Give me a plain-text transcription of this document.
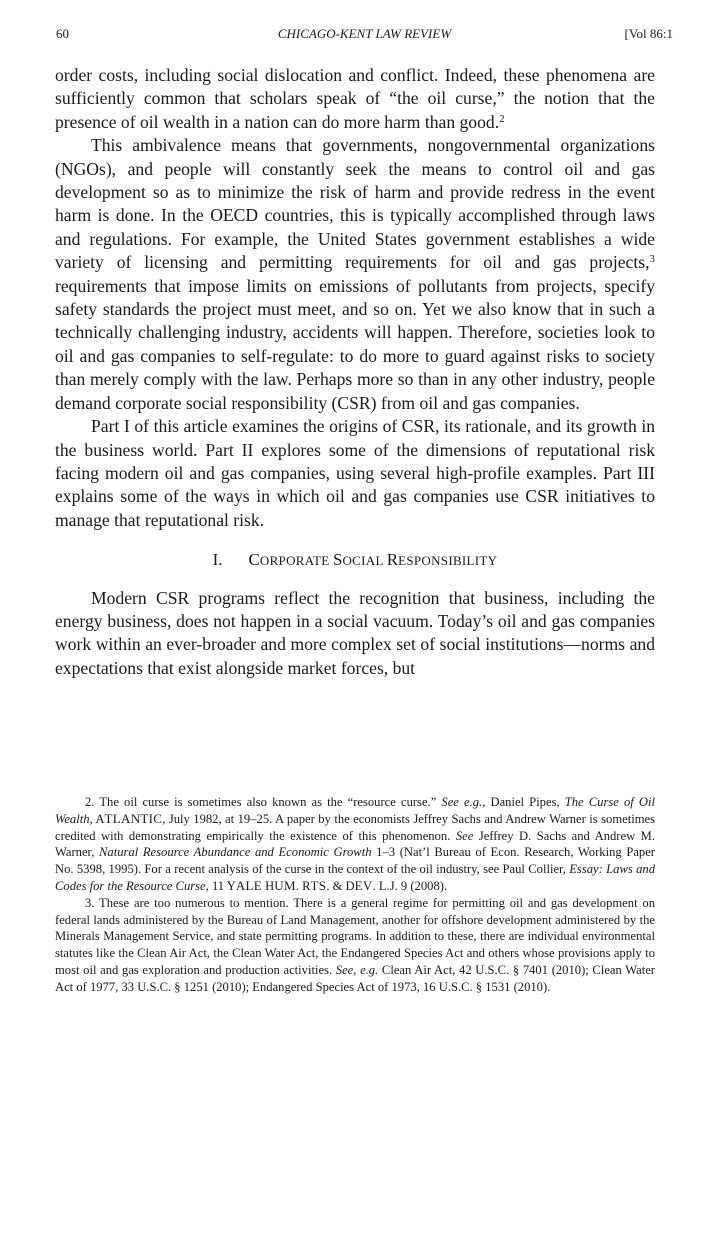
60	CHICAGO-KENT LAW REVIEW	[Vol 86:1

order costs, including social dislocation and conflict. Indeed, these phenomena are sufficiently common that scholars speak of “the oil curse,” the notion that the presence of oil wealth in a nation can do more harm than good.$^2$

This ambivalence means that governments, nongovernmental organizations (NGOs), and people will constantly seek the means to control oil and gas development so as to minimize the risk of harm and provide redress in the event harm is done. In the OECD countries, this is typically accomplished through laws and regulations. For example, the United States government establishes a wide variety of licensing and permitting requirements for oil and gas projects,$^3$ requirements that impose limits on emissions of pollutants from projects, specify safety standards the project must meet, and so on. Yet we also know that in such a technically challenging industry, accidents will happen. Therefore, societies look to oil and gas companies to self-regulate: to do more to guard against risks to society than merely comply with the law. Perhaps more so than in any other industry, people demand corporate social responsibility (CSR) from oil and gas companies.

Part I of this article examines the origins of CSR, its rationale, and its growth in the business world. Part II explores some of the dimensions of reputational risk facing modern oil and gas companies, using several high-profile examples. Part III explains some of the ways in which oil and gas companies use CSR initiatives to manage that reputational risk.

I. CORPORATE SOCIAL RESPONSIBILITY

Modern CSR programs reflect the recognition that business, including the energy business, does not happen in a social vacuum. Today’s oil and gas companies work within an ever-broader and more complex set of social institutions—norms and expectations that exist alongside market forces, but

2. The oil curse is sometimes also known as the “resource curse.” See e.g., Daniel Pipes, The Curse of Oil Wealth, ATLANTIC, July 1982, at 19–25. A paper by the economists Jeffrey Sachs and Andrew Warner is sometimes credited with demonstrating empirically the existence of this phenomenon. See Jeffrey D. Sachs and Andrew M. Warner, Natural Resource Abundance and Economic Growth 1–3 (Nat’l Bureau of Econ. Research, Working Paper No. 5398, 1995). For a recent analysis of the curse in the context of the oil industry, see Paul Collier, Essay: Laws and Codes for the Resource Curse, 11 YALE HUM. RTS. & DEV. L.J. 9 (2008).

3. These are too numerous to mention. There is a general regime for permitting oil and gas development on federal lands administered by the Bureau of Land Management, another for offshore development administered by the Minerals Management Service, and state permitting programs. In addition to these, there are individual environmental statutes like the Clean Air Act, the Clean Water Act, the Endangered Species Act and others whose provisions apply to most oil and gas exploration and production activities. See, e.g. Clean Air Act, 42 U.S.C. § 7401 (2010); Clean Water Act of 1977, 33 U.S.C. § 1251 (2010); Endangered Species Act of 1973, 16 U.S.C. § 1531 (2010).
